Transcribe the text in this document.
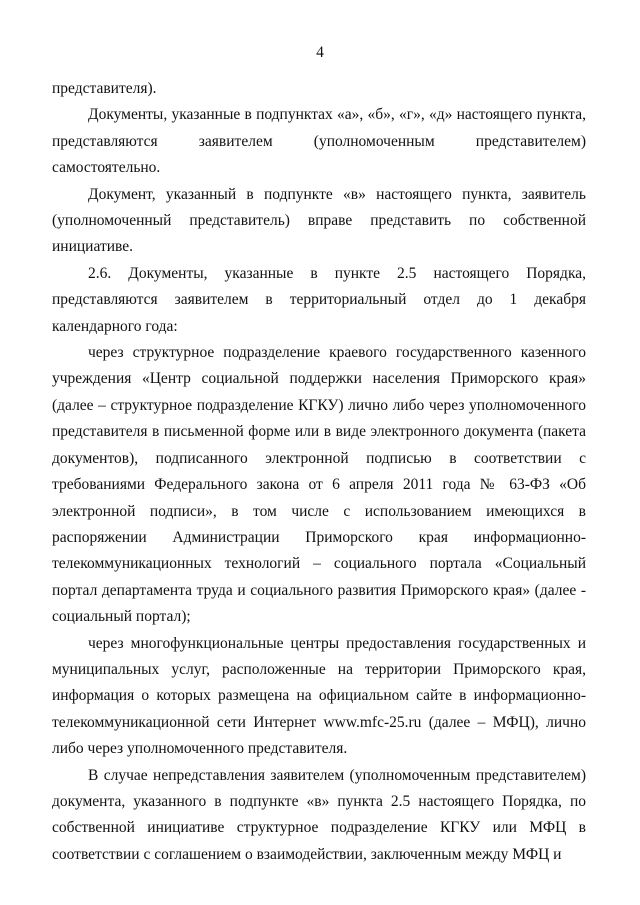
4

представителя).

Документы, указанные в подпунктах «а», «б», «г», «д» настоящего пункта, представляются заявителем (уполномоченным представителем) самостоятельно.

Документ, указанный в подпункте «в» настоящего пункта, заявитель (уполномоченный представитель) вправе представить по собственной инициативе.

2.6. Документы, указанные в пункте 2.5 настоящего Порядка, представляются заявителем в территориальный отдел до 1 декабря календарного года:

через структурное подразделение краевого государственного казенного учреждения «Центр социальной поддержки населения Приморского края» (далее – структурное подразделение КГКУ) лично либо через уполномоченного представителя в письменной форме или в виде электронного документа (пакета документов), подписанного электронной подписью в соответствии с требованиями Федерального закона от 6 апреля 2011 года № 63-ФЗ «Об электронной подписи», в том числе с использованием имеющихся в распоряжении Администрации Приморского края информационно-телекоммуникационных технологий – социального портала «Социальный портал департамента труда и социального развития Приморского края» (далее - социальный портал);

через многофункциональные центры предоставления государственных и муниципальных услуг, расположенные на территории Приморского края, информация о которых размещена на официальном сайте в информационно-телекоммуникационной сети Интернет www.mfc-25.ru (далее – МФЦ), лично либо через уполномоченного представителя.

В случае непредставления заявителем (уполномоченным представителем) документа, указанного в подпункте «в» пункта 2.5 настоящего Порядка, по собственной инициативе структурное подразделение КГКУ или МФЦ в соответствии с соглашением о взаимодействии, заключенным между МФЦ и
